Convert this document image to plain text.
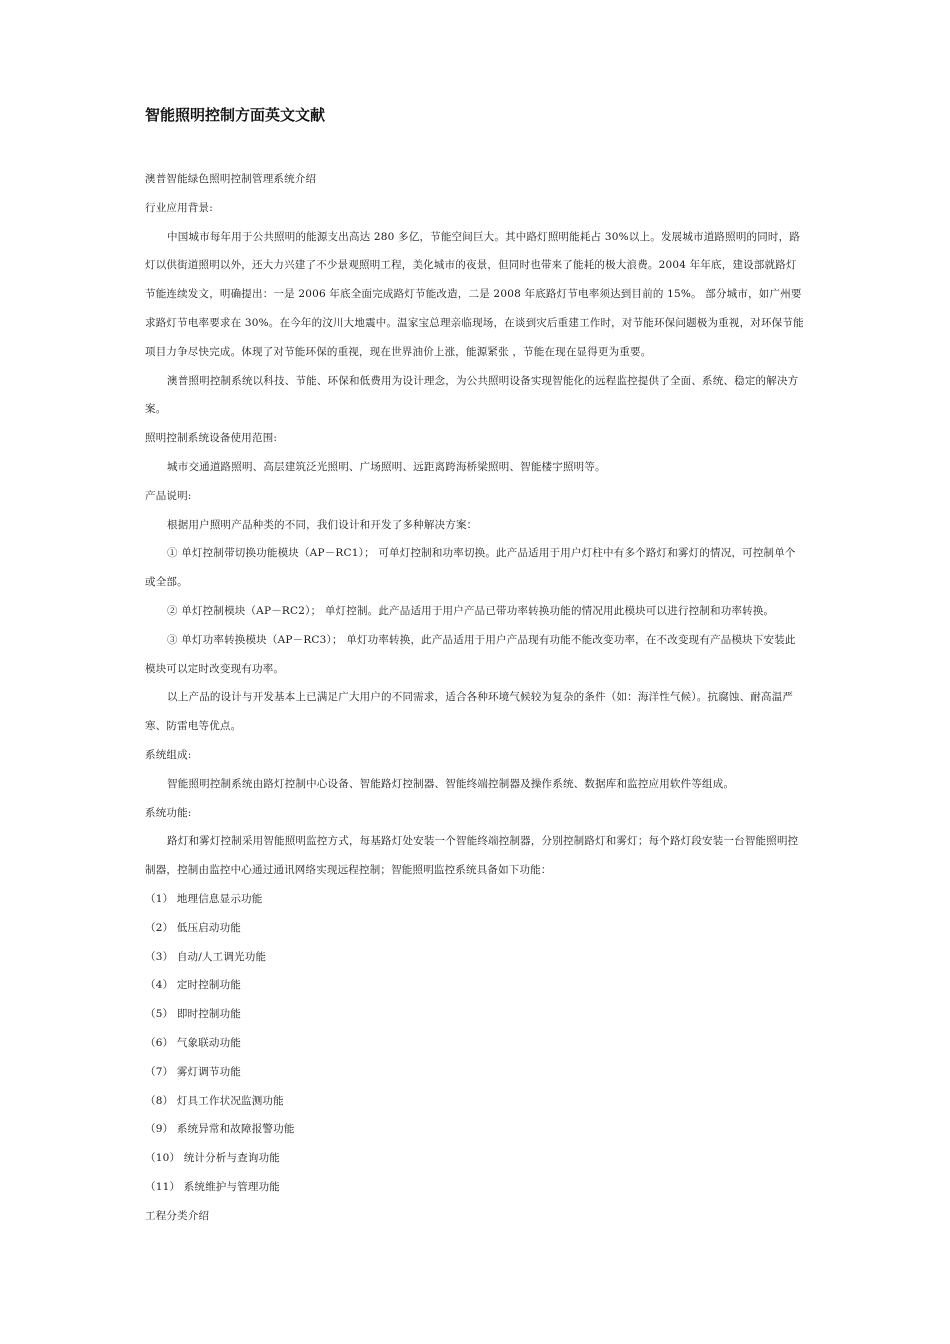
智能照明控制方面英文文献

澳普智能绿色照明控制管理系统介绍

行业应用背景:

中国城市每年用于公共照明的能源支出高达 280 多亿，节能空间巨大。其中路灯照明能耗占 30%以上。发展城市道路照明的同时，路灯以供街道照明以外，还大力兴建了不少景观照明工程，美化城市的夜景，但同时也带来了能耗的极大浪费。2004 年年底，建设部就路灯节能连续发文，明确提出：一是 2006 年底全面完成路灯节能改造，二是 2008 年底路灯节电率须达到目前的 15%。 部分城市，如广州要求路灯节电率要求在 30%。在今年的汶川大地震中。温家宝总理亲临现场，在谈到灾后重建工作时，对节能环保问题极为重视，对环保节能项目力争尽快完成。体现了对节能环保的重视，现在世界油价上涨，能源紧张 ，节能在现在显得更为重要。

澳普照明控制系统以科技、节能、环保和低费用为设计理念，为公共照明设备实现智能化的远程监控提供了全面、系统、稳定的解决方案。

照明控制系统设备使用范围:

城市交通道路照明、高层建筑泛光照明、广场照明、远距离跨海桥梁照明、智能楼宇照明等。

产品说明:

根据用户照明产品种类的不同，我们设计和开发了多种解决方案：

① 单灯控制带切换功能模块（AP－RC1）； 可单灯控制和功率切换。此产品适用于用户灯柱中有多个路灯和雾灯的情况，可控制单个或全部。

② 单灯控制模块（AP－RC2）； 单灯控制。此产品适用于用户产品已带功率转换功能的情况用此模块可以进行控制和功率转换。

③ 单灯功率转换模块（AP－RC3）； 单灯功率转换，此产品适用于用户产品现有功能不能改变功率，在不改变现有产品模块下安装此模块可以定时改变现有功率。

以上产品的设计与开发基本上已满足广大用户的不同需求，适合各种环境气候较为复杂的条件（如：海洋性气候）。抗腐蚀、耐高温严寒、防雷电等优点。

系统组成:

智能照明控制系统由路灯控制中心设备、智能路灯控制器、智能终端控制器及操作系统、数据库和监控应用软件等组成。

系统功能:

路灯和雾灯控制采用智能照明监控方式，每基路灯处安装一个智能终端控制器，分别控制路灯和雾灯；每个路灯段安装一台智能照明控制器，控制由监控中心通过通讯网络实现远程控制；智能照明监控系统具备如下功能：

（1） 地理信息显示功能

（2） 低压启动功能

（3） 自动/人工调光功能

（4） 定时控制功能

（5） 即时控制功能

（6） 气象联动功能

（7） 雾灯调节功能

（8） 灯具工作状况监测功能

（9） 系统异常和故障报警功能

（10） 统计分析与查询功能

（11） 系统维护与管理功能

工程分类介绍
